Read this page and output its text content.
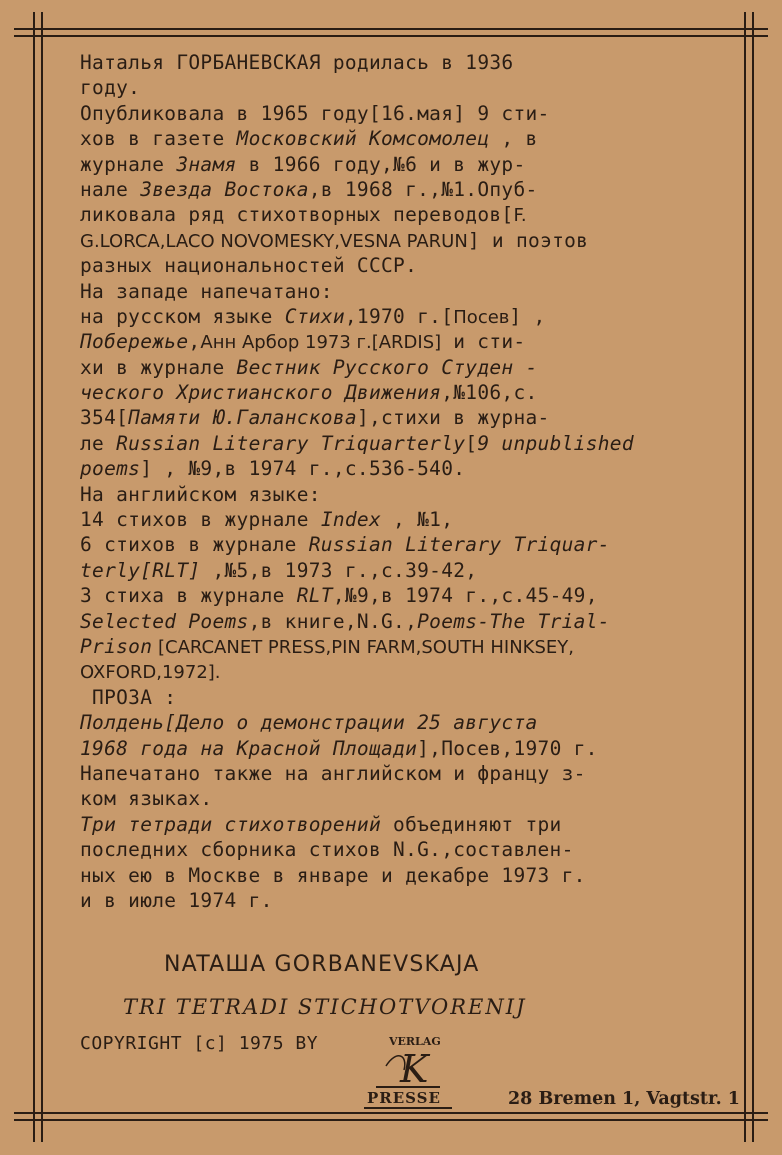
Наталья ГОРБАНЕВСКАЯ родилась в 1936
году.
Опубликовала в 1965 году[16.мая] 9 сти-
хов в газете Московский Комсомолец , в
журнале Знамя в 1966 году,№6 и в жур-
нале Звезда Востока,в 1968 г.,№1.Опуб-
ликовала ряд стихотворных переводов[F.
G.LORCA,LACO NOVOMESKY,VESNA PARUN] и поэтов
разных национальностей СССР.
На западе напечатано:
на русском языке Стихи,1970 г.[Посев] ,
Побережье,Анн Арбор 1973 г.[ARDIS] и сти-
хи в журнале Вестник Русского Студен -
ческого Христианского Движения,№106,с.
354[Памяти Ю.Галанскова],стихи в журна-
ле Russian Literary Triquarterly[9 unpublished
poems] , №9,в 1974 г.,с.536-540.
На английском языке:
14 стихов в журнале Index , №1,
6 стихов в журнале Russian Literary Triquar-
terly[RLT] ,№5,в 1973 г.,с.39-42,
3 стиха в журнале RLT,№9,в 1974 г.,с.45-49,
Selected Poems,в книге,N.G.,Poems-The Trial-
Prison [CARCANET PRESS,PIN FARM,SOUTH HINKSEY,
OXFORD,1972].
ПРОЗА :
Полдень[Дело о демонстрации 25 августа
1968 года на Красной Площади],Посев,1970 г.
Напечатано также на английском и францу з-
ком языках.
Три тетради стихотворений объединяют три
последних сборника стихов N.G.,составлен-
ных ею в Москве в январе и декабре 1973 г.
и в июле 1974 г.
NATAШA GORBANEVSKAJA
TRI TETRADI STICHOTVORENIJ
COPYRIGHT [c] 1975 BY	VERLAG
K
PRESSE	28 Bremen 1, Vagtstr. 1
